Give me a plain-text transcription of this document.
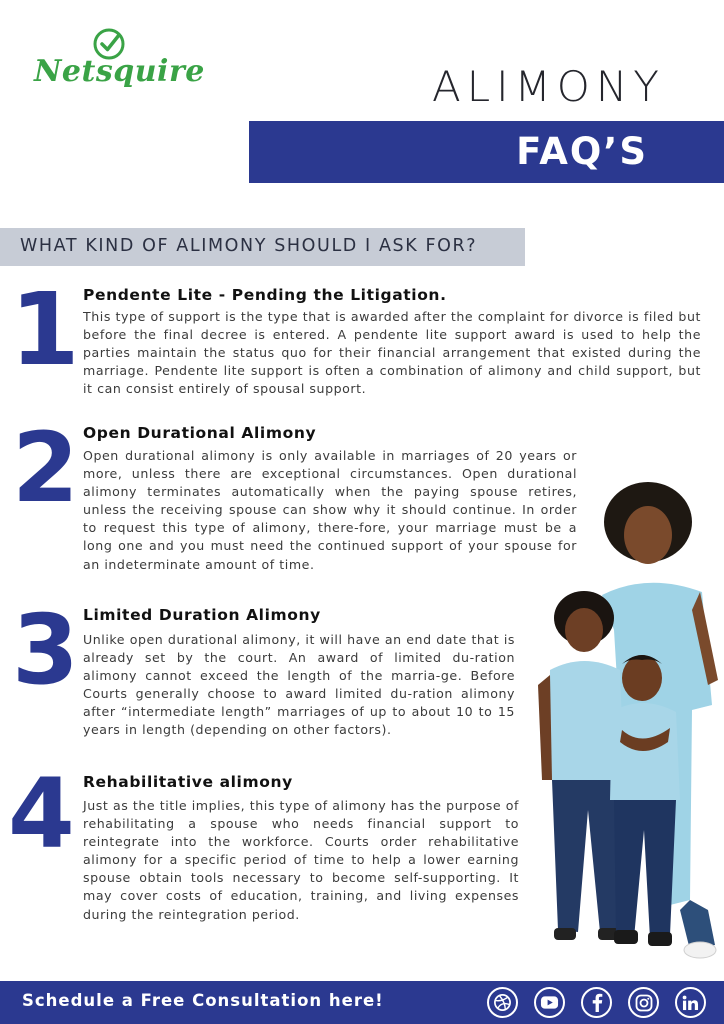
Netsquire	ALIMONY
FAQ’S
WHAT KIND OF ALIMONY SHOULD I ASK FOR?
1 Pendente Lite - Pending the Litigation.

This type of support is the type that is awarded after the complaint for divorce is filed but before the final decree is entered. A pendente lite support award is used to help the parties maintain the status quo for their financial arrangement that existed during the marriage. Pendente lite support is often a combination of alimony and child support, but it can consist entirely of spousal support.

2 Open Durational Alimony

Open durational alimony is only available in marriages of 20 years or more, unless there are exceptional circumstances. Open durational alimony terminates automatically when the paying spouse retires, unless the receiving spouse can show why it should continue. In order to request this type of alimony, there-fore, your marriage must be a long one and you must need the continued support of your spouse for an indeterminate amount of time.

3 Limited Duration Alimony

Unlike open durational alimony, it will have an end date that is already set by the court. An award of limited du-ration alimony cannot exceed the length of the marria-ge. Before Courts generally choose to award limited du-ration alimony after “intermediate length” marriages of up to about 10 to 15 years in length (depending on other factors).

4 Rehabilitative alimony

Just as the title implies, this type of alimony has the purpose of rehabilitating a spouse who needs financial support to reintegrate into the workforce. Courts order rehabilitative alimony for a specific period of time to help a lower earning spouse obtain tools necessary to become self-supporting. It may cover costs of education, training, and living expenses during the reintegration period.

Schedule a Free Consultation here!
